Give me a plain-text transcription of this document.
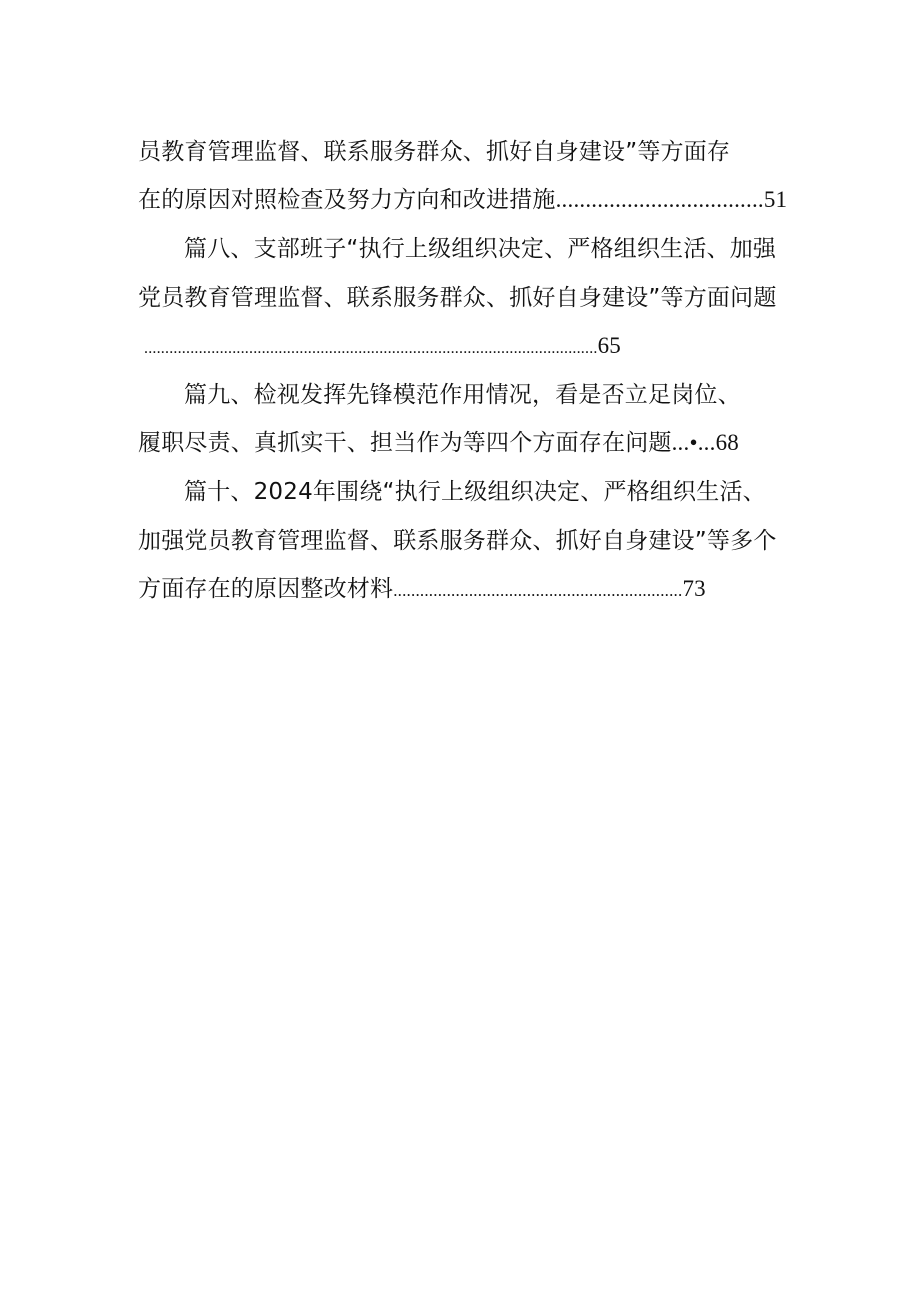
员教育管理监督、联系服务群众、抓好自身建设”等方面存
在的原因对照检查及努力方向和改进措施...................................51
篇八、支部班子“执行上级组织决定、严格组织生活、加强
党员教育管理监督、联系服务群众、抓好自身建设”等方面问题
............................................................................................................65
篇九、检视发挥先锋模范作用情况，看是否立足岗位、
履职尽责、真抓实干、担当作为等四个方面存在问题...•...68
篇十、2024年围绕“执行上级组织决定、严格组织生活、
加强党员教育管理监督、联系服务群众、抓好自身建设”等多个
方面存在的原因整改材料.................................................................73
